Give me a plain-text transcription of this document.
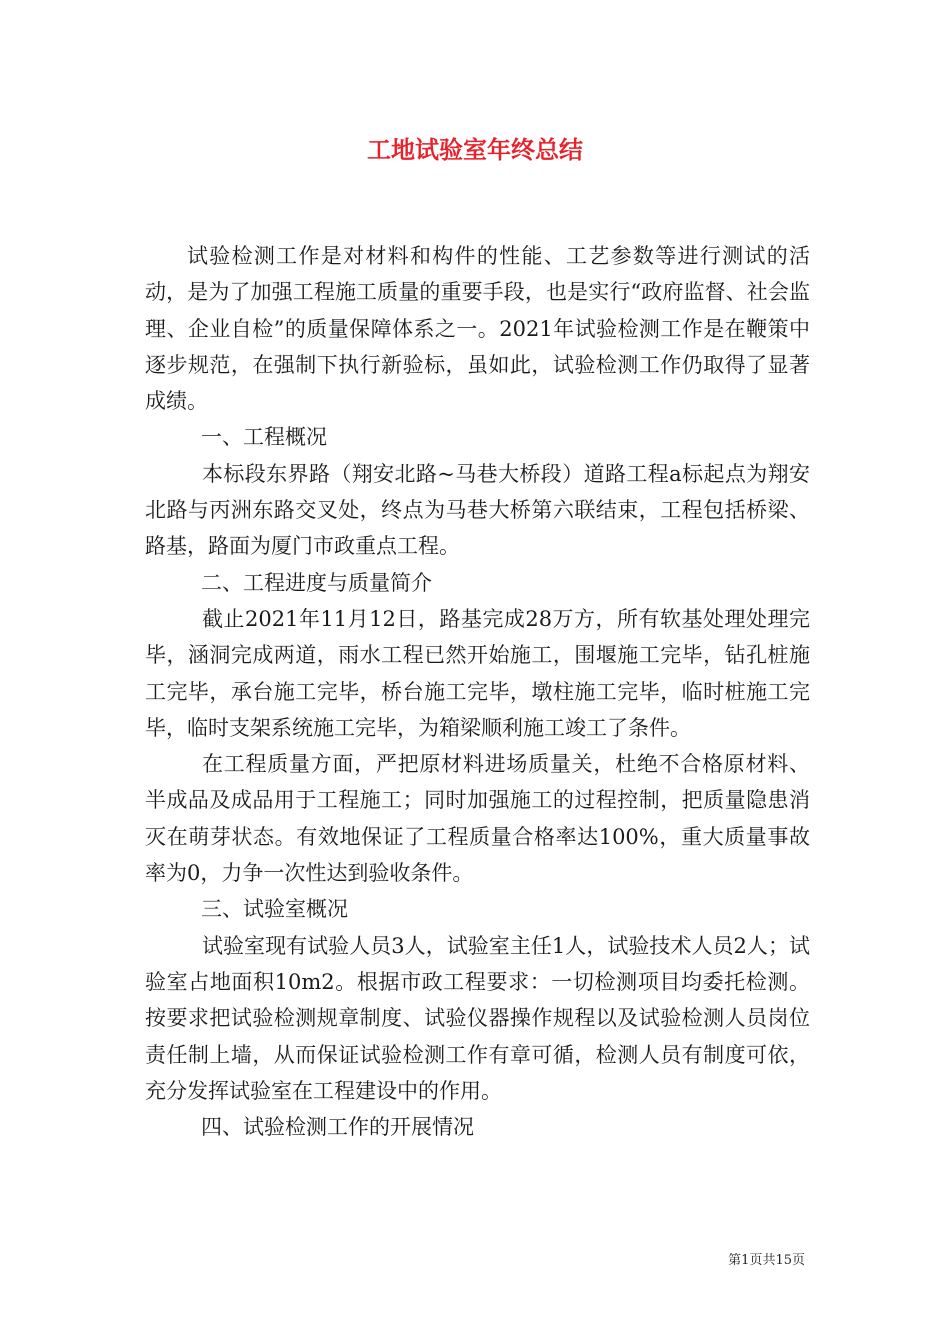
工地试验室年终总结

试验检测工作是对材料和构件的性能、工艺参数等进行测试的活动，是为了加强工程施工质量的重要手段，也是实行“政府监督、社会监理、企业自检”的质量保障体系之一。2021年试验检测工作是在鞭策中逐步规范，在强制下执行新验标，虽如此，试验检测工作仍取得了显著成绩。

一、工程概况

本标段东界路（翔安北路~马巷大桥段）道路工程a标起点为翔安北路与丙洲东路交叉处，终点为马巷大桥第六联结束，工程包括桥梁、路基，路面为厦门市政重点工程。

二、工程进度与质量简介

截止2021年11月12日，路基完成28万方，所有软基处理处理完毕，涵洞完成两道，雨水工程已然开始施工，围堰施工完毕，钻孔桩施工完毕，承台施工完毕，桥台施工完毕，墩柱施工完毕，临时桩施工完毕，临时支架系统施工完毕，为箱梁顺利施工竣工了条件。

在工程质量方面，严把原材料进场质量关，杜绝不合格原材料、半成品及成品用于工程施工；同时加强施工的过程控制，把质量隐患消灭在萌芽状态。有效地保证了工程质量合格率达100%，重大质量事故率为0，力争一次性达到验收条件。

三、试验室概况

试验室现有试验人员3人，试验室主任1人，试验技术人员2人；试验室占地面积10m2。根据市政工程要求：一切检测项目均委托检测。按要求把试验检测规章制度、试验仪器操作规程以及试验检测人员岗位责任制上墙，从而保证试验检测工作有章可循，检测人员有制度可依，充分发挥试验室在工程建设中的作用。

四、试验检测工作的开展情况

第1页共15页
